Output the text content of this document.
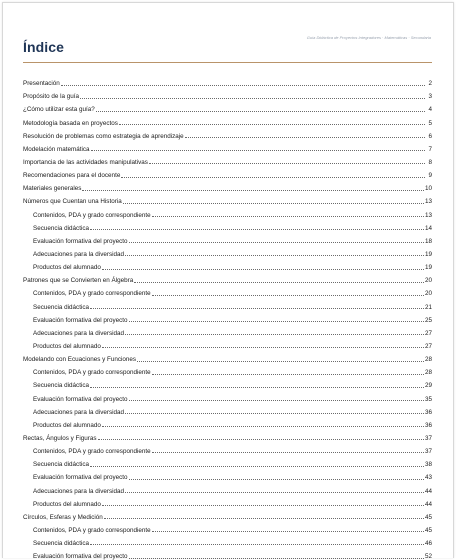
Guía Didáctica de Proyectos Integradores · Matemáticas · Secundaria
Índice
Presentación	2
Propósito de la guía	3
¿Cómo utilizar esta guía?	4
Metodología basada en proyectos	5
Resolución de problemas como estrategia de aprendizaje	6
Modelación matemática	7
Importancia de las actividades manipulativas	8
Recomendaciones para el docente	9
Materiales generales	10
Números que Cuentan una Historia	13
Contenidos, PDA y grado correspondiente	13
Secuencia didáctica	14
Evaluación formativa del proyecto	18
Adecuaciones para la diversidad	19
Productos del alumnado	19
Patrones que se Convierten en Álgebra	20
Contenidos, PDA y grado correspondiente	20
Secuencia didáctica	21
Evaluación formativa del proyecto	25
Adecuaciones para la diversidad	27
Productos del alumnado	27
Modelando con Ecuaciones y Funciones	28
Contenidos, PDA y grado correspondiente	28
Secuencia didáctica	29
Evaluación formativa del proyecto	35
Adecuaciones para la diversidad	36
Productos del alumnado	36
Rectas, Ángulos y Figuras	37
Contenidos, PDA y grado correspondiente	37
Secuencia didáctica	38
Evaluación formativa del proyecto	43
Adecuaciones para la diversidad	44
Productos del alumnado	44
Círculos, Esferas y Medición	45
Contenidos, PDA y grado correspondiente	45
Secuencia didáctica	46
Evaluación formativa del proyecto	52
